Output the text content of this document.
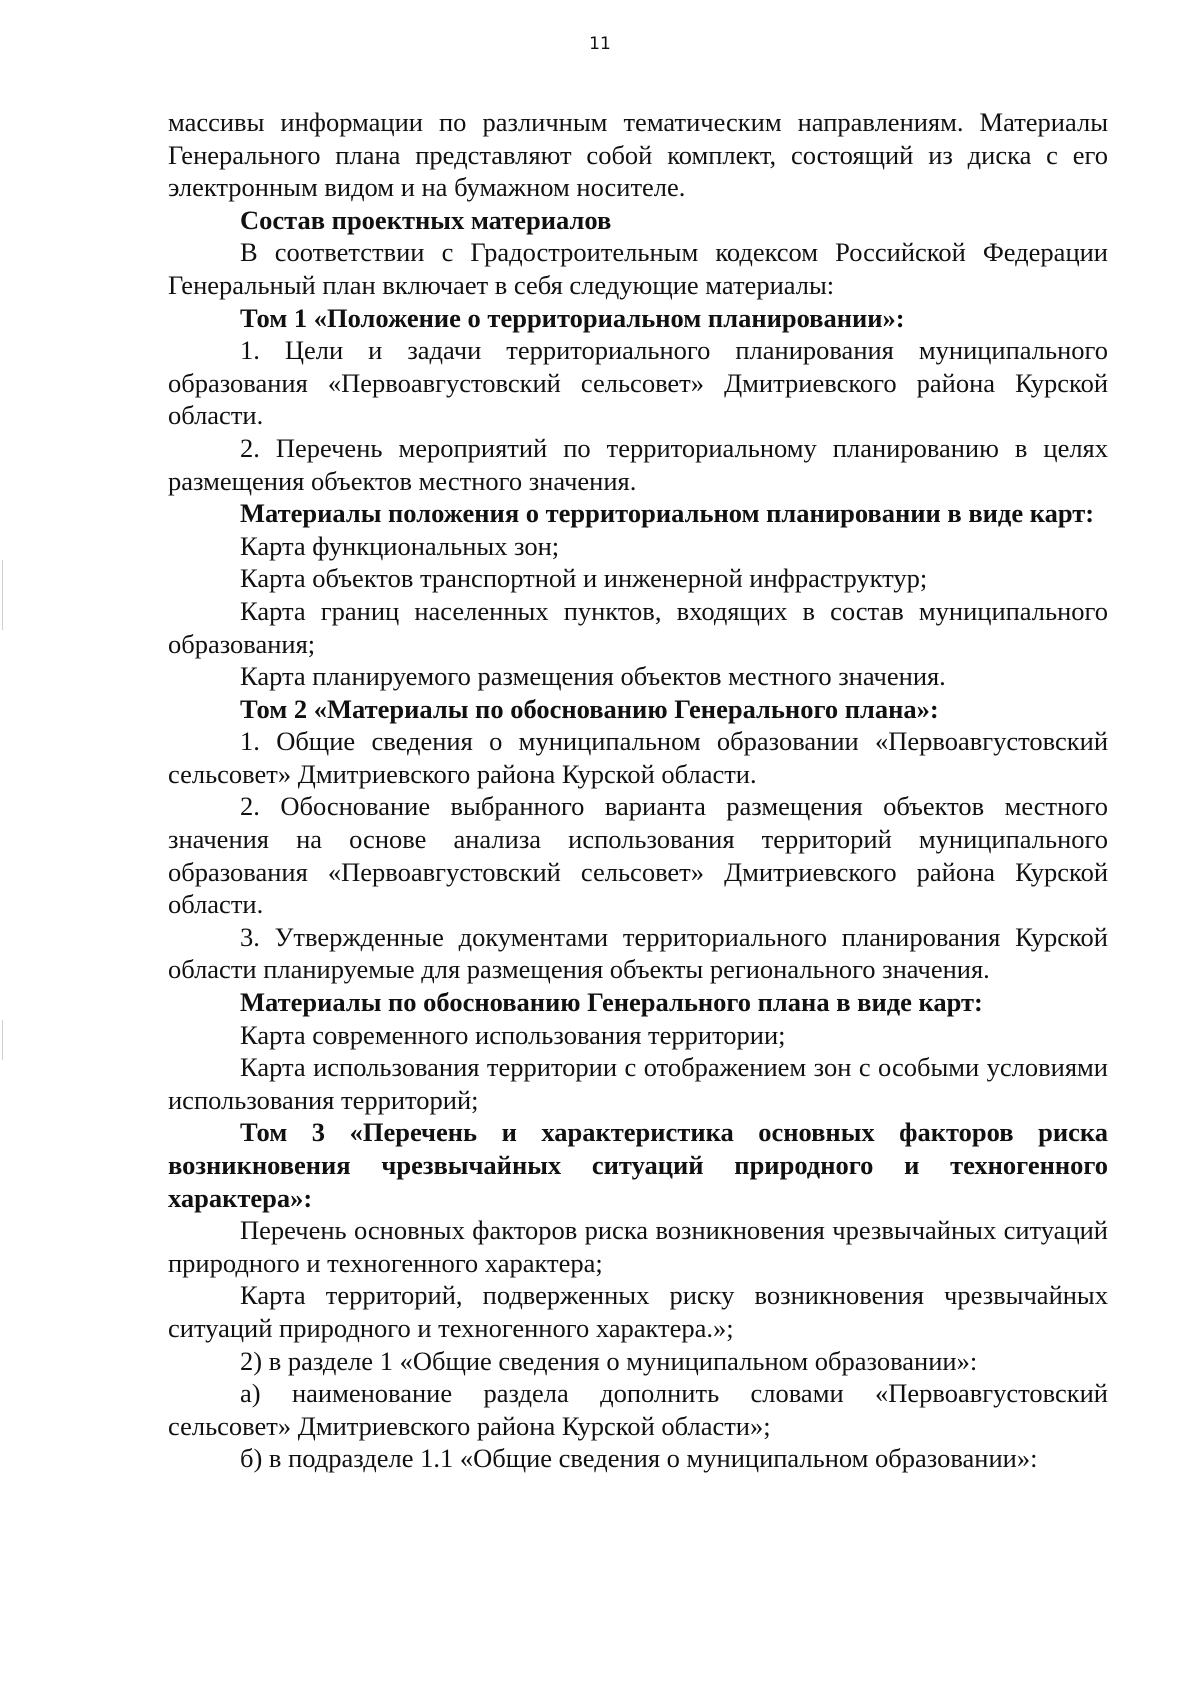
11

массивы информации по различным тематическим направлениям. Материалы Генерального плана представляют собой комплект, состоящий из диска с его электронным видом и на бумажном носителе.

Состав проектных материалов

В соответствии с Градостроительным кодексом Российской Федерации Генеральный план включает в себя следующие материалы:

Том 1 «Положение о территориальном планировании»:

1. Цели и задачи территориального планирования муниципального образования «Первоавгустовский сельсовет» Дмитриевского района Курской области.

2. Перечень мероприятий по территориальному планированию в целях размещения объектов местного значения.

Материалы положения о территориальном планировании в виде карт:

Карта функциональных зон;

Карта объектов транспортной и инженерной инфраструктур;

Карта границ населенных пунктов, входящих в состав муниципального образования;

Карта планируемого размещения объектов местного значения.

Том 2 «Материалы по обоснованию Генерального плана»:

1. Общие сведения о муниципальном образовании «Первоавгустовский сельсовет» Дмитриевского района Курской области.

2. Обоснование выбранного варианта размещения объектов местного значения на основе анализа использования территорий муниципального образования «Первоавгустовский сельсовет» Дмитриевского района Курской области.

3. Утвержденные документами территориального планирования Курской области планируемые для размещения объекты регионального значения.

Материалы по обоснованию Генерального плана в виде карт:

Карта современного использования территории;

Карта использования территории с отображением зон с особыми условиями использования территорий;

Том 3 «Перечень и характеристика основных факторов риска возникновения чрезвычайных ситуаций природного и техногенного характера»:

Перечень основных факторов риска возникновения чрезвычайных ситуаций природного и техногенного характера;

Карта территорий, подверженных риску возникновения чрезвычайных ситуаций природного и техногенного характера.»;

2) в разделе 1 «Общие сведения о муниципальном образовании»:

а) наименование раздела дополнить словами «Первоавгустовский сельсовет» Дмитриевского района Курской области»;

б) в подразделе 1.1 «Общие сведения о муниципальном образовании»:
